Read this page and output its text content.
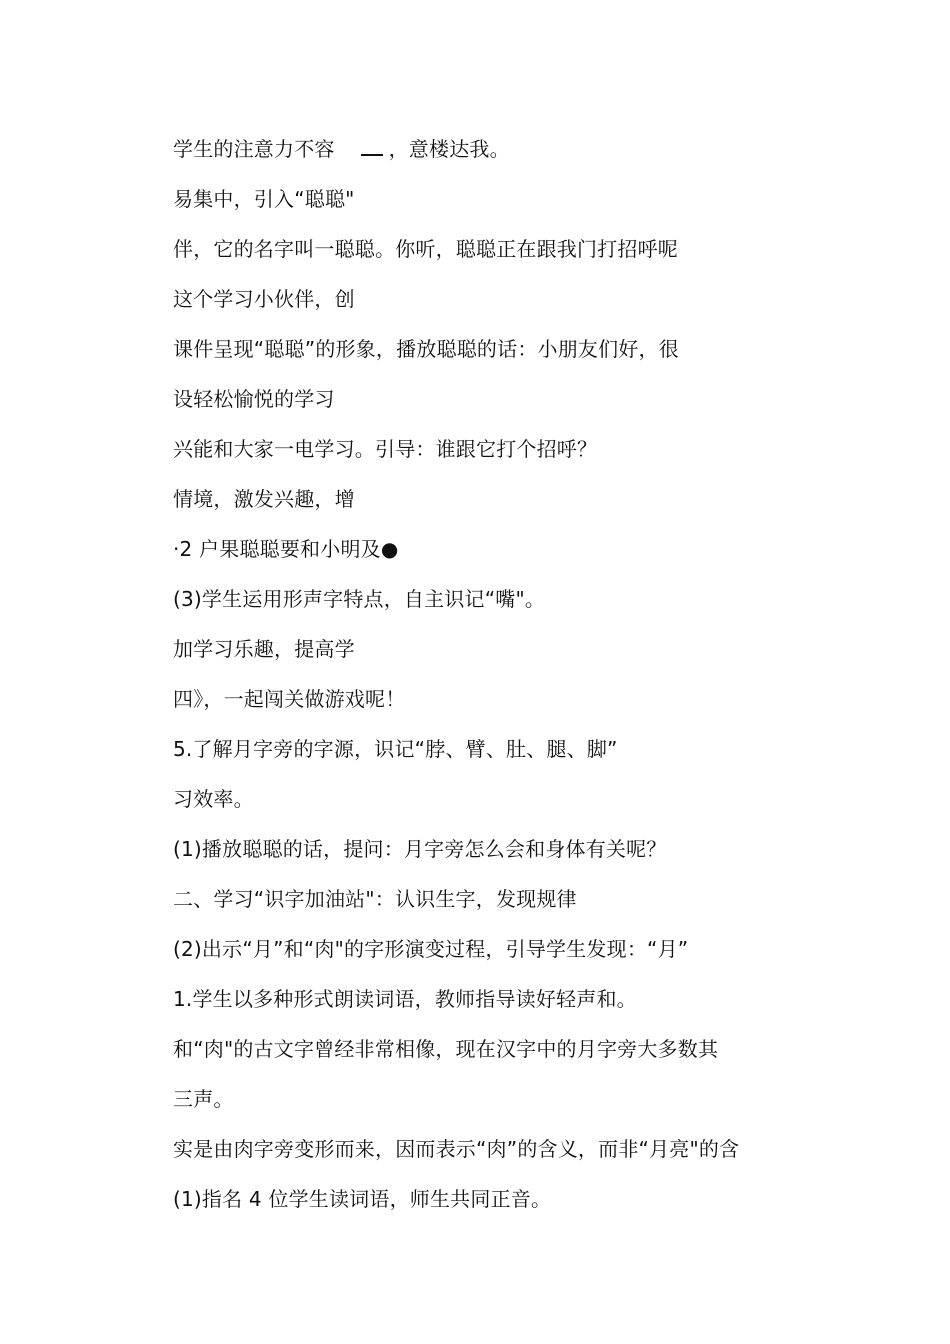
学生的注意力不容	，意楼达我。
易集中，引入“聪聪"
伴，它的名字叫一聪聪。你听，聪聪正在跟我门打招呼呢
这个学习小伙伴，创
课件呈现“聪聪”的形象，播放聪聪的话：小朋友们好，很
设轻松愉悦的学习
兴能和大家一电学习。引导：谁跟它打个招呼？
情境，激发兴趣，增
·2 户果聪聪要和小明及●
(3)学生运用形声字特点，自主识记“嘴"。
加学习乐趣，提高学
四》，一起闯关做游戏呢！
5.了解月字旁的字源，识记“脖、臂、肚、腿、脚”
习效率。
(1)播放聪聪的话，提问：月字旁怎么会和身体有关呢？
二、学习“识字加油站"：认识生字，发现规律
(2)出示“月”和“肉"的字形演变过程，引导学生发现：“月”
1.学生以多种形式朗读词语，教师指导读好轻声和。
和“肉"的古文字曾经非常相像，现在汉字中的月字旁大多数其
三声。
实是由肉字旁变形而来，因而表示“肉”的含义，而非“月亮"的含
(1)指名 4 位学生读词语，师生共同正音。
